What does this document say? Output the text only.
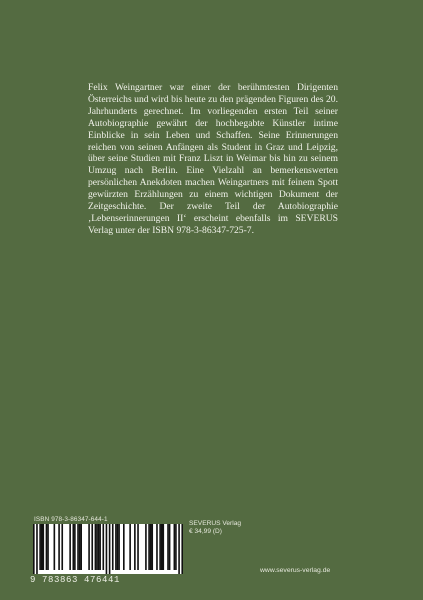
Felix Weingartner war einer der berühmtesten Dirigenten Österreichs und wird bis heute zu den prägenden Figuren des 20. Jahrhunderts gerechnet. Im vorliegenden ersten Teil seiner Autobiographie gewährt der hochbegabte Künstler intime Einblicke in sein Leben und Schaffen. Seine Erinnerungen reichen von seinen Anfängen als Student in Graz und Leipzig, über seine Studien mit Franz Liszt in Weimar bis hin zu seinem Umzug nach Berlin. Eine Vielzahl an bemerkenswerten persönlichen Anekdoten machen Weingartners mit feinem Spott gewürzten Erzählungen zu einem wichtigen Dokument der Zeitgeschichte. Der zweite Teil der Autobiographie ‚Lebenserinnerungen II‘ erscheint ebenfalls im SEVERUS Verlag unter der ISBN 978-3-86347-725-7.

ISBN 978-3-86347-644-1
9 783863 476441
SEVERUS Verlag
€ 34,99 (D)
www.severus-verlag.de
